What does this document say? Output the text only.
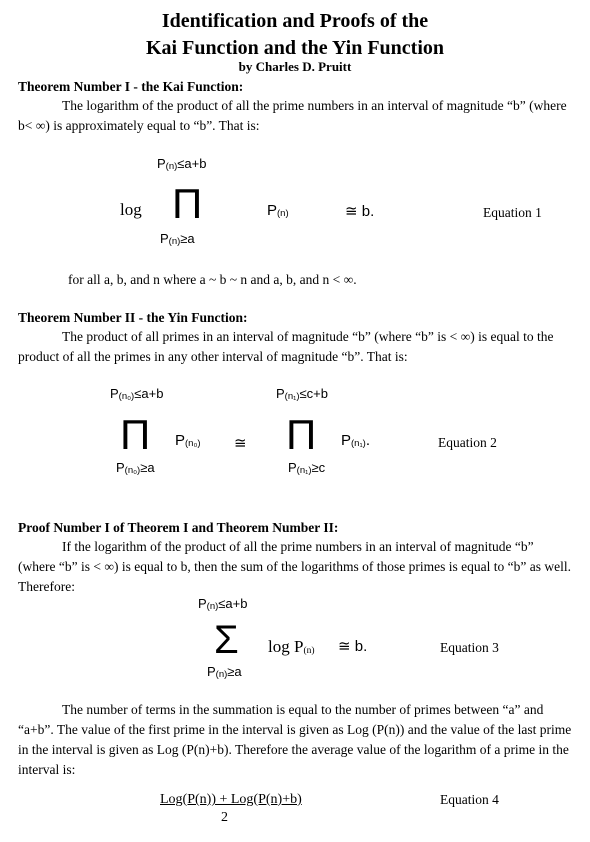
Identification and Proofs of the
Kai Function and the Yin Function
by Charles D. Pruitt
Theorem Number I - the Kai Function:
The logarithm of the product of all the prime numbers in an interval of magnitude “b” (where b< ∞) is approximately equal to “b”. That is:
P(n)≤a+b
log Π
P(n)≥a
P(n)	≅ b.	Equation 1
for all a, b, and n where a ~ b ~ n and a, b, and n < ∞.
Theorem Number II - the Yin Function:
The product of all primes in an interval of magnitude “b” (where “b” is < ∞) is equal to the product of all the primes in any other interval of magnitude “b”. That is:
P(n₀)≤a+b
Π P(n₀)
P(n₀)≥a
≅
P(n₁)≤c+b
Π P(n₁).
P(n₁)≥c
Equation 2
Proof Number I of Theorem I and Theorem Number II:
If the logarithm of the product of all the prime numbers in an interval of magnitude “b” (where “b” is < ∞) is equal to b, then the sum of the logarithms of those primes is equal to “b” as well. Therefore:
P(n)≤a+b
Σ
P(n)≥a
log P(n) ≅ b.	Equation 3
The number of terms in the summation is equal to the number of primes between “a” and “a+b”. The value of the first prime in the interval is given as Log (P(n)) and the value of the last prime in the interval is given as Log (P(n)+b). Therefore the average value of the logarithm of a prime in the interval is:
Log(P(n)) + Log(P(n)+b)
2
Equation 4
